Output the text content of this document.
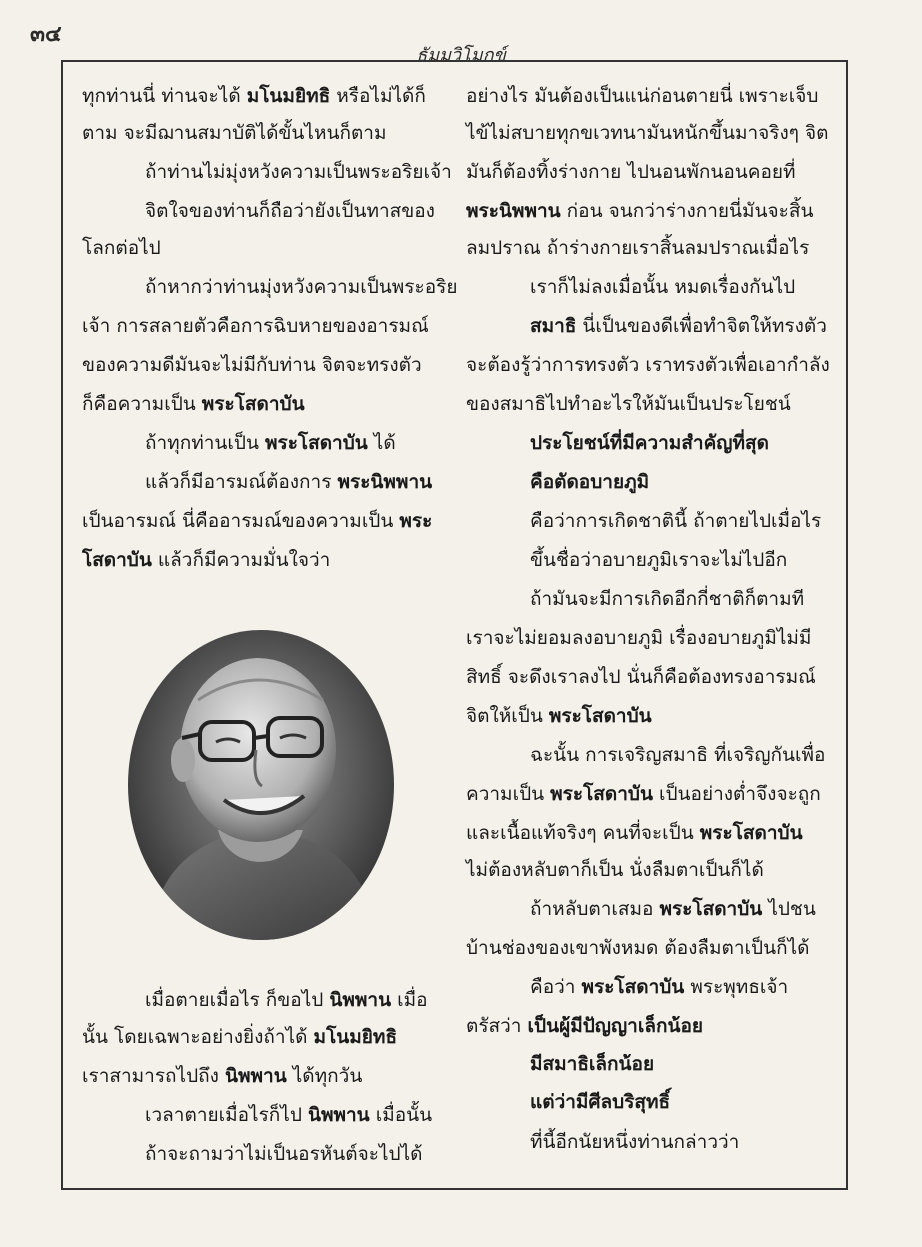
๓๔
ธัมมวิโมกข์
ทุกท่านนี่ ท่านจะได้ มโนมยิทธิ หรือไม่ได้ก็
ตาม จะมีฌานสมาบัติได้ขั้นไหนก็ตาม
ถ้าท่านไม่มุ่งหวังความเป็นพระอริยเจ้า
จิตใจของท่านก็ถือว่ายังเป็นทาสของ
โลกต่อไป
ถ้าหากว่าท่านมุ่งหวังความเป็นพระอริย
เจ้า การสลายตัวคือการฉิบหายของอารมณ์
ของความดีมันจะไม่มีกับท่าน จิตจะทรงตัว
ก็คือความเป็น พระโสดาบัน
ถ้าทุกท่านเป็น พระโสดาบัน ได้
แล้วก็มีอารมณ์ต้องการ พระนิพพาน
เป็นอารมณ์ นี่คืออารมณ์ของความเป็น พระ
โสดาบัน แล้วก็มีความมั่นใจว่า
เมื่อตายเมื่อไร ก็ขอไป นิพพาน เมื่อ
นั้น โดยเฉพาะอย่างยิ่งถ้าได้ มโนมยิทธิ
เราสามารถไปถึง นิพพาน ได้ทุกวัน
เวลาตายเมื่อไรก็ไป นิพพาน เมื่อนั้น
ถ้าจะถามว่าไม่เป็นอรหันต์จะไปได้
อย่างไร มันต้องเป็นแน่ก่อนตายนี่ เพราะเจ็บ
ไข้ไม่สบายทุกขเวทนามันหนักขึ้นมาจริงๆ จิต
มันก็ต้องทิ้งร่างกาย ไปนอนพักนอนคอยที่
พระนิพพาน ก่อน จนกว่าร่างกายนี่มันจะสิ้น
ลมปราณ ถ้าร่างกายเราสิ้นลมปราณเมื่อไร
เราก็ไม่ลงเมื่อนั้น หมดเรื่องกันไป
สมาธิ นี่เป็นของดีเพื่อทำจิตให้ทรงตัว
จะต้องรู้ว่าการทรงตัว เราทรงตัวเพื่อเอากำลัง
ของสมาธิไปทำอะไรให้มันเป็นประโยชน์
ประโยชน์ที่มีความสำคัญที่สุด
คือตัดอบายภูมิ
คือว่าการเกิดชาตินี้ ถ้าตายไปเมื่อไร
ขึ้นชื่อว่าอบายภูมิเราจะไม่ไปอีก
ถ้ามันจะมีการเกิดอีกกี่ชาติก็ตามที
เราจะไม่ยอมลงอบายภูมิ เรื่องอบายภูมิไม่มี
สิทธิ์ จะดึงเราลงไป นั่นก็คือต้องทรงอารมณ์
จิตให้เป็น พระโสดาบัน
ฉะนั้น การเจริญสมาธิ ที่เจริญกันเพื่อ
ความเป็น พระโสดาบัน เป็นอย่างต่ำจึงจะถูก
และเนื้อแท้จริงๆ คนที่จะเป็น พระโสดาบัน
ไม่ต้องหลับตาก็เป็น นั่งลืมตาเป็นก็ได้
ถ้าหลับตาเสมอ พระโสดาบัน ไปชน
บ้านช่องของเขาพังหมด ต้องลืมตาเป็นก็ได้
คือว่า พระโสดาบัน พระพุทธเจ้า
ตรัสว่า เป็นผู้มีปัญญาเล็กน้อย
มีสมาธิเล็กน้อย
แต่ว่ามีศีลบริสุทธิ์
ที่นี้อีกนัยหนึ่งท่านกล่าวว่า
